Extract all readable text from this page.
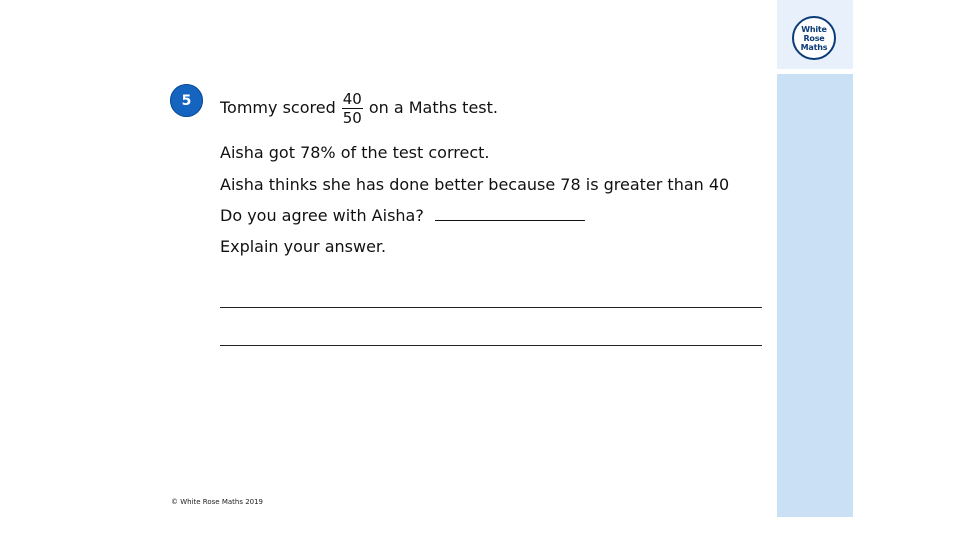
White
Rose
Maths
5	Tommy scored $\frac{40}{50}$ on a Maths test.
Aisha got 78% of the test correct.
Aisha thinks she has done better because 78 is greater than 40
Do you agree with Aisha?
Explain your answer.
© White Rose Maths 2019
